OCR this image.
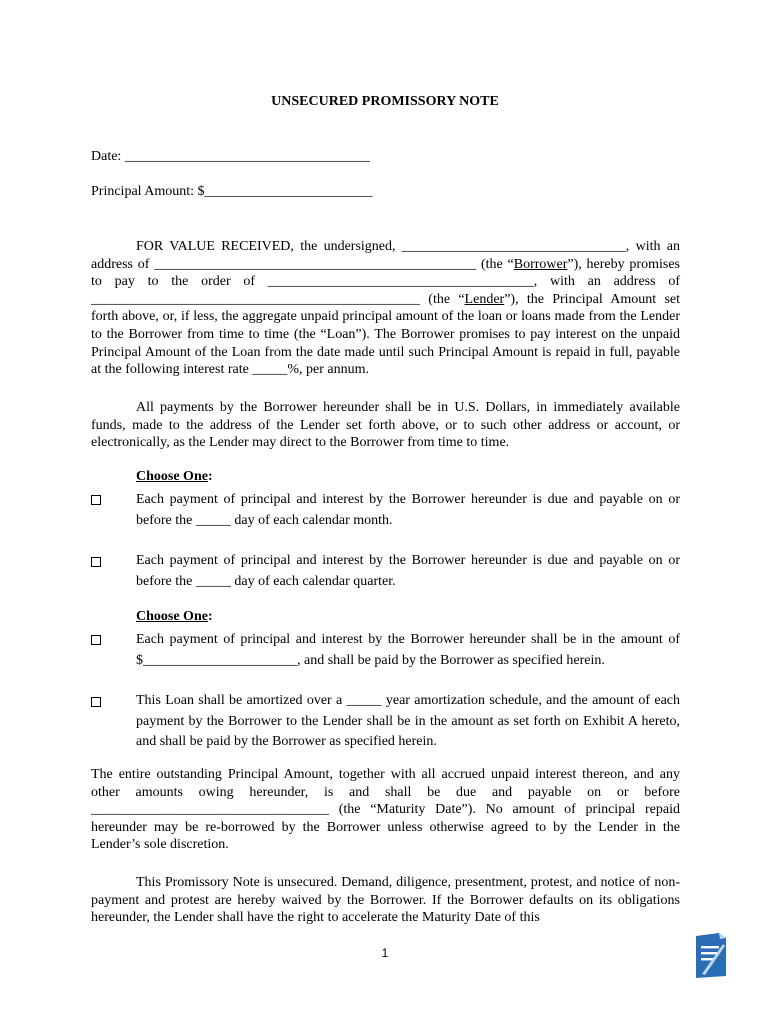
UNSECURED PROMISSORY NOTE
Date: ___________________________________
Principal Amount: $________________________
FOR VALUE RECEIVED, the undersigned, ________________________________, with an address of ______________________________________________ (the “Borrower”), hereby promises to pay to the order of ______________________________________, with an address of _______________________________________________ (the “Lender”), the Principal Amount set forth above, or, if less, the aggregate unpaid principal amount of the loan or loans made from the Lender to the Borrower from time to time (the “Loan”). The Borrower promises to pay interest on the unpaid Principal Amount of the Loan from the date made until such Principal Amount is repaid in full, payable at the following interest rate _____%, per annum.
All payments by the Borrower hereunder shall be in U.S. Dollars, in immediately available funds, made to the address of the Lender set forth above, or to such other address or account, or electronically, as the Lender may direct to the Borrower from time to time.
Choose One:
Each payment of principal and interest by the Borrower hereunder is due and payable on or before the _____ day of each calendar month.
Each payment of principal and interest by the Borrower hereunder is due and payable on or before the _____ day of each calendar quarter.
Choose One:
Each payment of principal and interest by the Borrower hereunder shall be in the amount of $______________________, and shall be paid by the Borrower as specified herein.
This Loan shall be amortized over a _____ year amortization schedule, and the amount of each payment by the Borrower to the Lender shall be in the amount as set forth on Exhibit A hereto, and shall be paid by the Borrower as specified herein.
The entire outstanding Principal Amount, together with all accrued unpaid interest thereon, and any other amounts owing hereunder, is and shall be due and payable on or before __________________________________ (the “Maturity Date”). No amount of principal repaid hereunder may be re-borrowed by the Borrower unless otherwise agreed to by the Lender in the Lender’s sole discretion.
This Promissory Note is unsecured. Demand, diligence, presentment, protest, and notice of non-payment and protest are hereby waived by the Borrower. If the Borrower defaults on its obligations hereunder, the Lender shall have the right to accelerate the Maturity Date of this
1
